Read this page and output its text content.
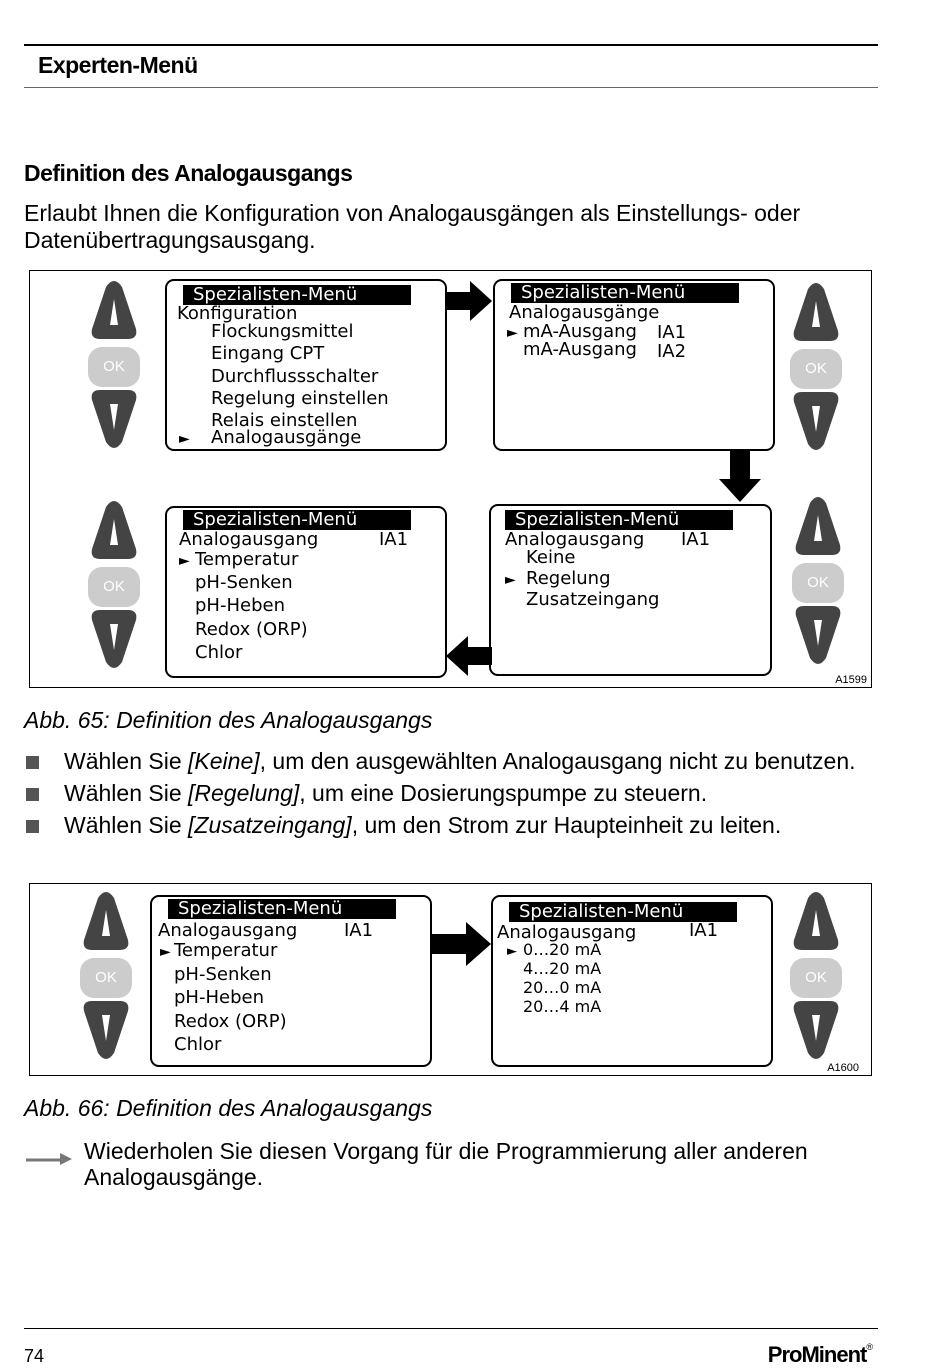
Experten-Menü
Definition des Analogausgangs
Erlaubt Ihnen die Konfiguration von Analogausgängen als Einstellungs- oder Datenübertragungsausgang.
OK
OK
OK
OK
Spezialisten-Menü
Konfiguration
Flockungsmittel
Eingang CPT
Durchflussschalter
Regelung einstellen
Relais einstellen
► Analogausgänge
Spezialisten-Menü
Analogausgänge
► mA-Ausgang IA1
mA-Ausgang IA2
Spezialisten-Menü
Analogausgang IA1
Keine
► Regelung
Zusatzeingang
Spezialisten-Menü
Analogausgang	IA1
► Temperatur
pH-Senken
pH-Heben
Redox (ORP)
Chlor
A1599
Abb. 65: Definition des Analogausgangs
Wählen Sie [Keine], um den ausgewählten Analogausgang nicht zu benutzen.
Wählen Sie [Regelung], um eine Dosierungspumpe zu steuern.
Wählen Sie [Zusatzeingang], um den Strom zur Haupteinheit zu leiten.
OK	OK
Spezialisten-Menü
Analogausgang	IA1
► Temperatur
pH-Senken
pH-Heben
Redox (ORP)
Chlor
Spezialisten-Menü
Analogausgang	IA1
► 0…20 mA
4…20 mA
20…0 mA
20…4 mA
A1600
Abb. 66: Definition des Analogausgangs
Wiederholen Sie diesen Vorgang für die Programmierung aller anderen Analogausgänge.
74	ProMinent®
